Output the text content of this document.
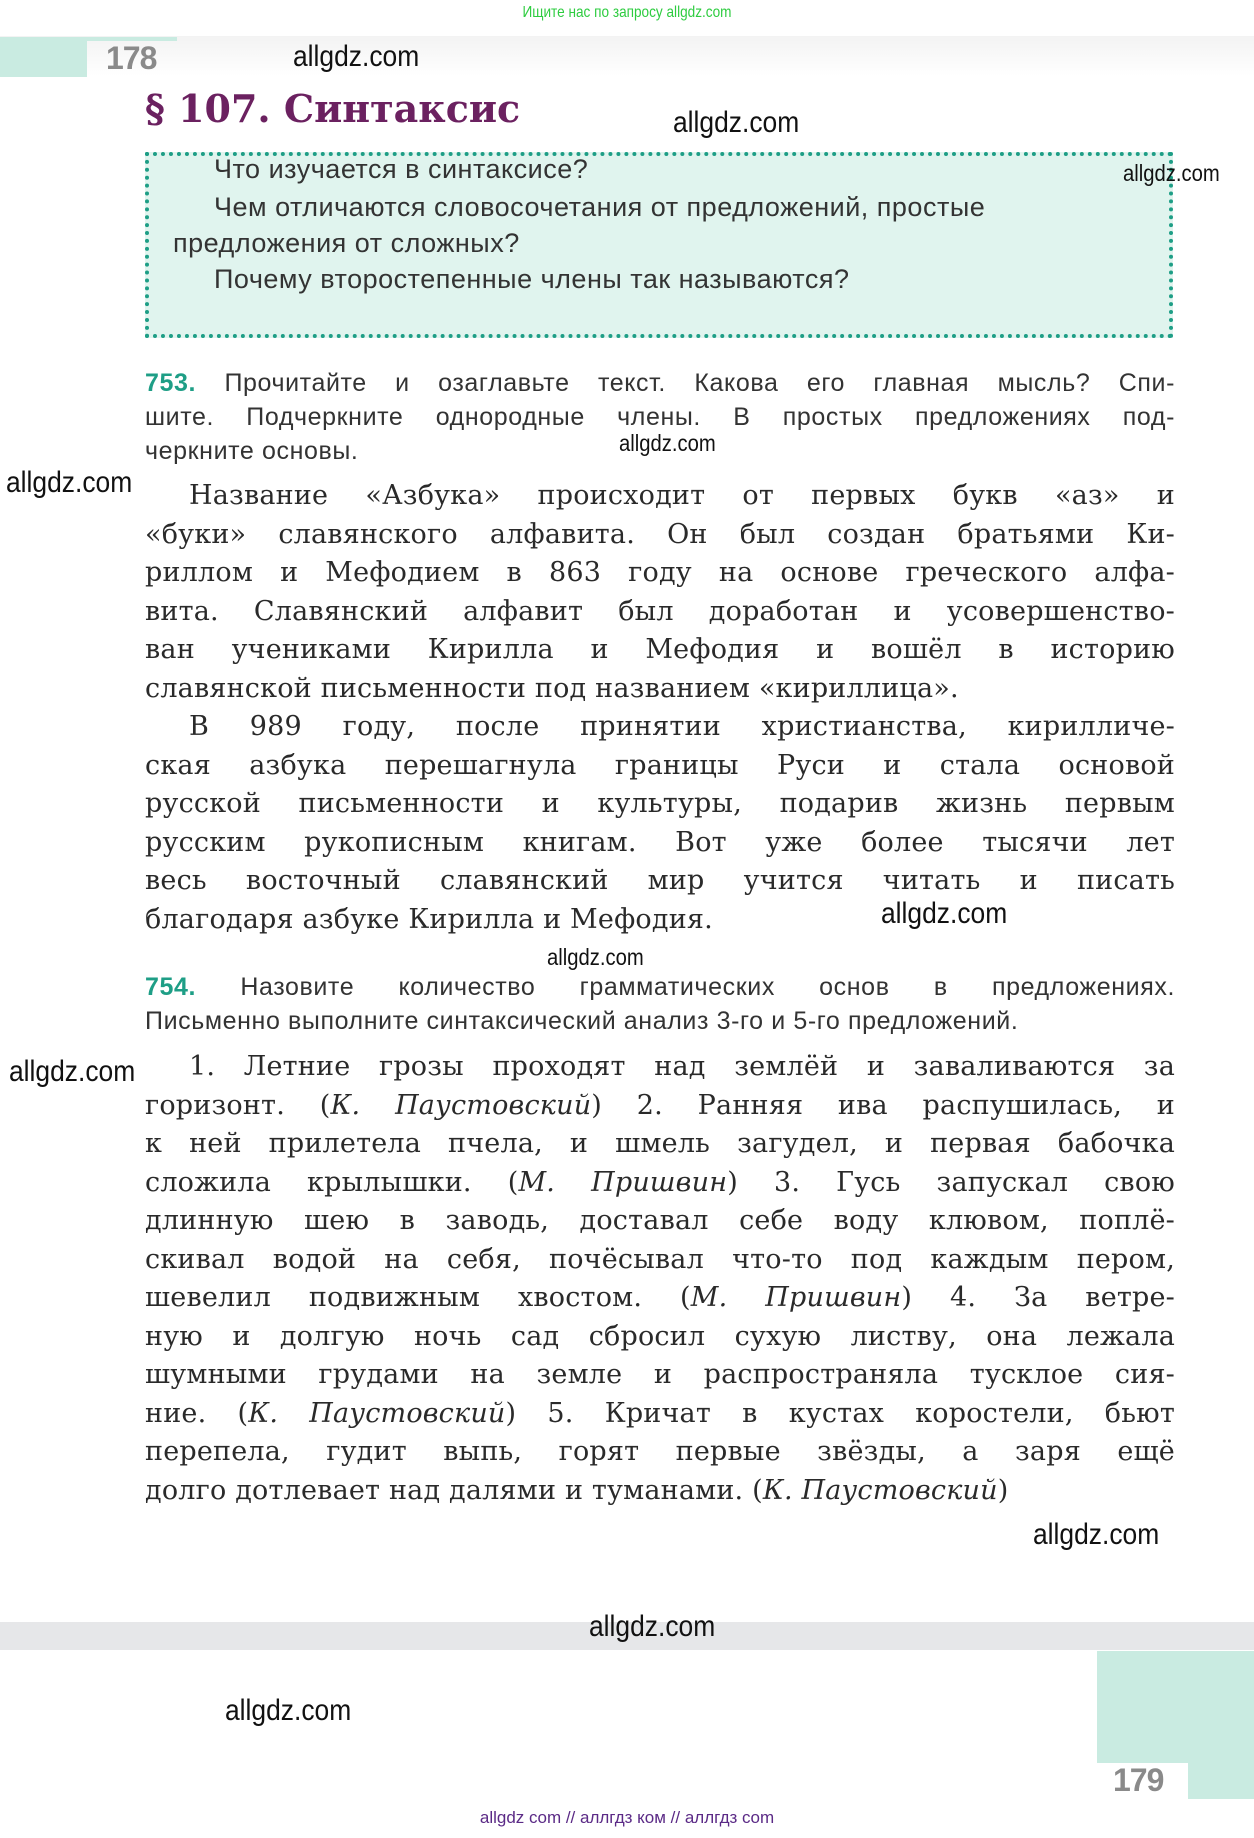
Ищите нас по запросу allgdz.com
178
§ 107. Синтаксис
Что изучается в синтаксисе?
Чем отличаются словосочетания от предложений, простые
предложения от сложных?
Почему второстепенные члены так называются?
753. Прочитайте и озаглавьте текст. Какова его главная мысль? Спи-
шите. Подчеркните однородные члены. В простых предложениях под-
черкните основы.
Название «Азбука» происходит от первых букв «аз» и
«буки» славянского алфавита. Он был создан братьями Ки-
риллом и Мефодием в 863 году на основе греческого алфа-
вита. Славянский алфавит был доработан и усовершенство-
ван учениками Кирилла и Мефодия и вошёл в историю
славянской письменности под названием «кириллица».
В 989 году, после принятии христианства, кирилличе-
ская азбука перешагнула границы Руси и стала основой
русской письменности и культуры, подарив жизнь первым
русским рукописным книгам. Вот уже более тысячи лет
весь восточный славянский мир учится читать и писать
благодаря азбуке Кирилла и Мефодия.
754. Назовите количество грамматических основ в предложениях.
Письменно выполните синтаксический анализ 3-го и 5-го предложений.
1. Летние грозы проходят над землёй и заваливаются за
горизонт. (К. Паустовский) 2. Ранняя ива распушилась, и
к ней прилетела пчела, и шмель загудел, и первая бабочка
сложила крылышки. (М. Пришвин) 3. Гусь запускал свою
длинную шею в заводь, доставал себе воду клювом, поплё-
скивал водой на себя, почёсывал что-то под каждым пером,
шевелил подвижным хвостом. (М. Пришвин) 4. За ветре-
ную и долгую ночь сад сбросил сухую листву, она лежала
шумными грудами на земле и распространяла тусклое сия-
ние. (К. Паустовский) 5. Кричат в кустах коростели, бьют
перепела, гудит выпь, горят первые звёзды, а заря ещё
долго дотлевает над далями и туманами. (К. Паустовский)
179
allgdz.com
allgdz.com
allgdz.com
allgdz.com
allgdz.com
allgdz.com
allgdz.com
allgdz.com
allgdz.com
allgdz.com
allgdz.com
allgdz com // аллгдз ком // аллгдз com
